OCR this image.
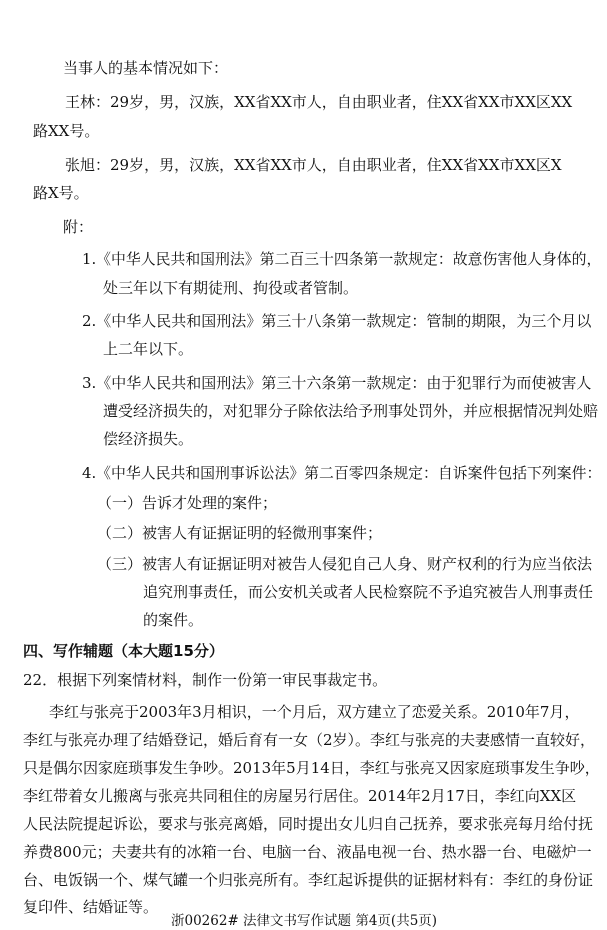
当事人的基本情况如下：
王林：29岁，男，汉族，XX省XX市人，自由职业者，住XX省XX市XX区XX
路XX号。
张旭：29岁，男，汉族，XX省XX市人，自由职业者，住XX省XX市XX区X
路X号。
附：
1.《中华人民共和国刑法》第二百三十四条第一款规定：故意伤害他人身体的，
处三年以下有期徒刑、拘役或者管制。
2.《中华人民共和国刑法》第三十八条第一款规定：管制的期限，为三个月以
上二年以下。
3.《中华人民共和国刑法》第三十六条第一款规定：由于犯罪行为而使被害人
遭受经济损失的，对犯罪分子除依法给予刑事处罚外，并应根据情况判处赔
偿经济损失。
4.《中华人民共和国刑事诉讼法》第二百零四条规定：自诉案件包括下列案件：
（一）告诉才处理的案件；
（二）被害人有证据证明的轻微刑事案件；
（三）被害人有证据证明对被告人侵犯自己人身、财产权利的行为应当依法
追究刑事责任，而公安机关或者人民检察院不予追究被告人刑事责任
的案件。
四、写作辅题（本大题15分）
22．根据下列案情材料，制作一份第一审民事裁定书。
李红与张亮于2003年3月相识，一个月后，双方建立了恋爱关系。2010年7月，
李红与张亮办理了结婚登记，婚后育有一女（2岁）。李红与张亮的夫妻感情一直较好，
只是偶尔因家庭琐事发生争吵。2013年5月14日，李红与张亮又因家庭琐事发生争吵，
李红带着女儿搬离与张亮共同租住的房屋另行居住。2014年2月17日，李红向XX区
人民法院提起诉讼，要求与张亮离婚，同时提出女儿归自己抚养，要求张亮每月给付抚
养费800元；夫妻共有的冰箱一台、电脑一台、液晶电视一台、热水器一台、电磁炉一
台、电饭锅一个、煤气罐一个归张亮所有。李红起诉提供的证据材料有：李红的身份证
复印件、结婚证等。
浙00262# 法律文书写作试题 第4页(共5页)
